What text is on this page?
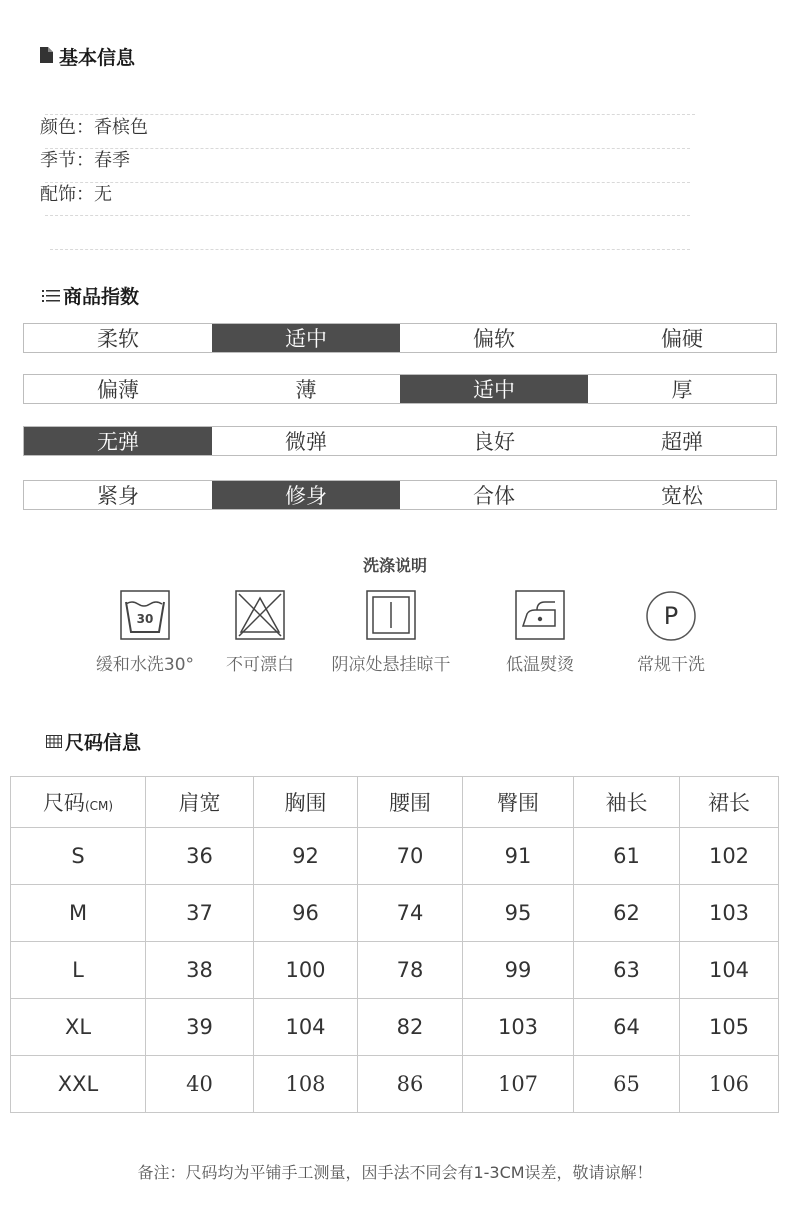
基本信息
颜色：香槟色
季节：春季
配饰：无
商品指数
柔软	适中	偏软	偏硬
偏薄	薄	适中	厚
无弹	微弹	良好	超弹
紧身	修身	合体	宽松
洗涤说明
30
缓和水洗30°	不可漂白	阴凉处悬挂晾干	低温熨烫
P
常规干洗
尺码信息
尺码(CM)	肩宽	胸围	腰围	臀围	袖长	裙长
S	36	92	70	91	61	102
M	37	96	74	95	62	103
L	38	100	78	99	63	104
XL	39	104	82	103	64	105
XXL	40	108	86	107	65	106
备注：尺码均为平铺手工测量，因手法不同会有1-3CM误差，敬请谅解！
